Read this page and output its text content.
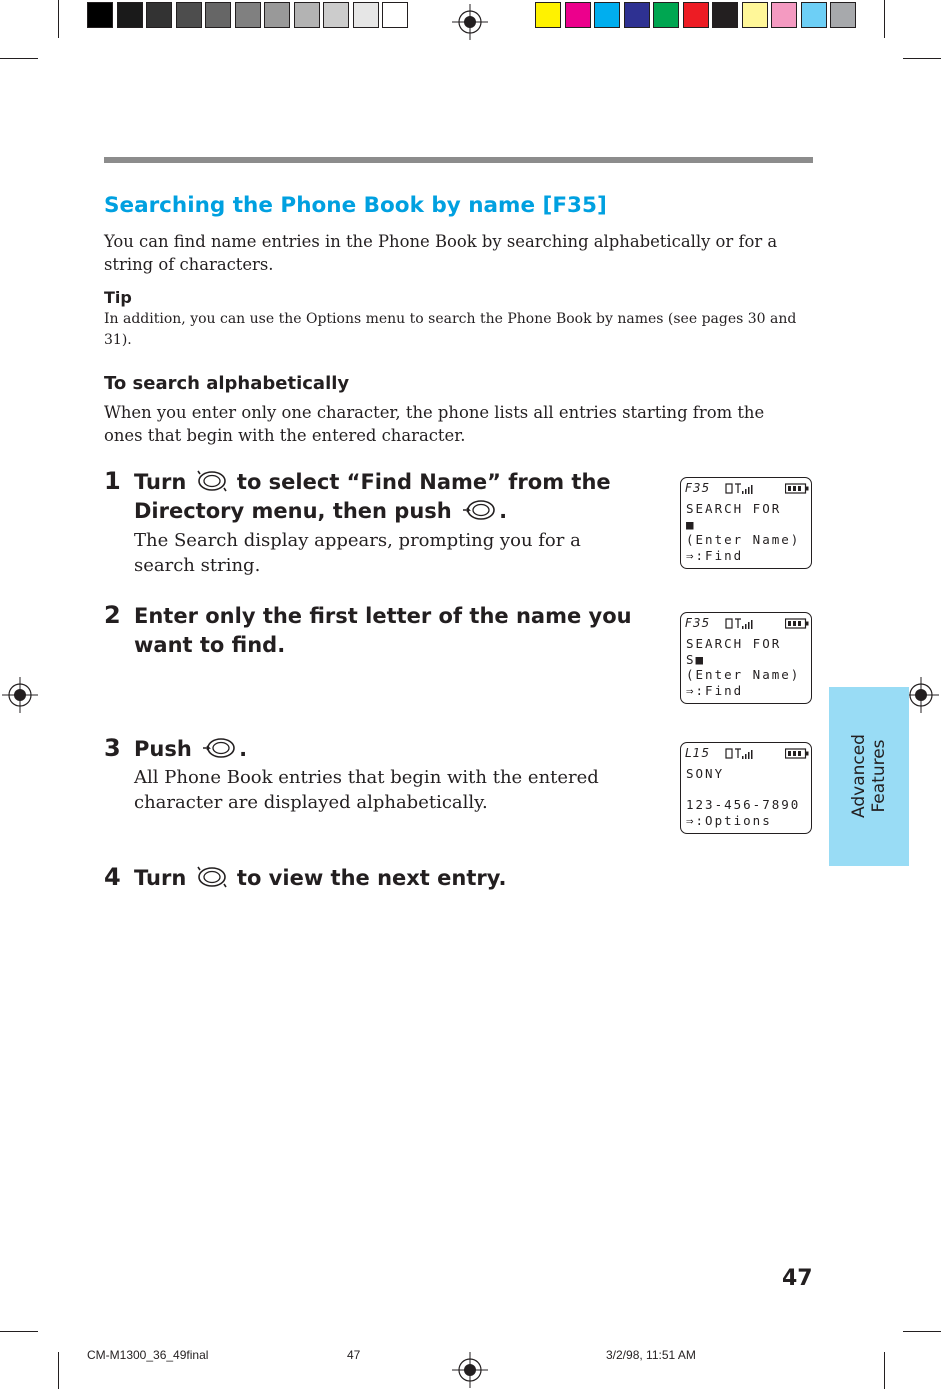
Searching the Phone Book by name [F35]
You can find name entries in the Phone Book by searching alphabetically or for a string of characters.
Tip
In addition, you can use the Options menu to search the Phone Book by names (see pages 30 and 31).
To search alphabetically
When you enter only one character, the phone lists all entries starting from the ones that begin with the entered character.
1 Turn to select “Find Name” from the Directory menu, then push .
The Search display appears, prompting you for a search string.
2 Enter only the first letter of the name you want to find.
3 Push .
All Phone Book entries that begin with the entered character are displayed alphabetically.
4 Turn to view the next entry.
F35
SEARCH FOR
■
(Enter Name)
⇒:Find
F35
SEARCH FOR
S■
(Enter Name)
⇒:Find
L15
SONY
123-456-7890
⇒:Options
Advanced Features
47
CM-M1300_36_49final	47	3/2/98, 11:51 AM
